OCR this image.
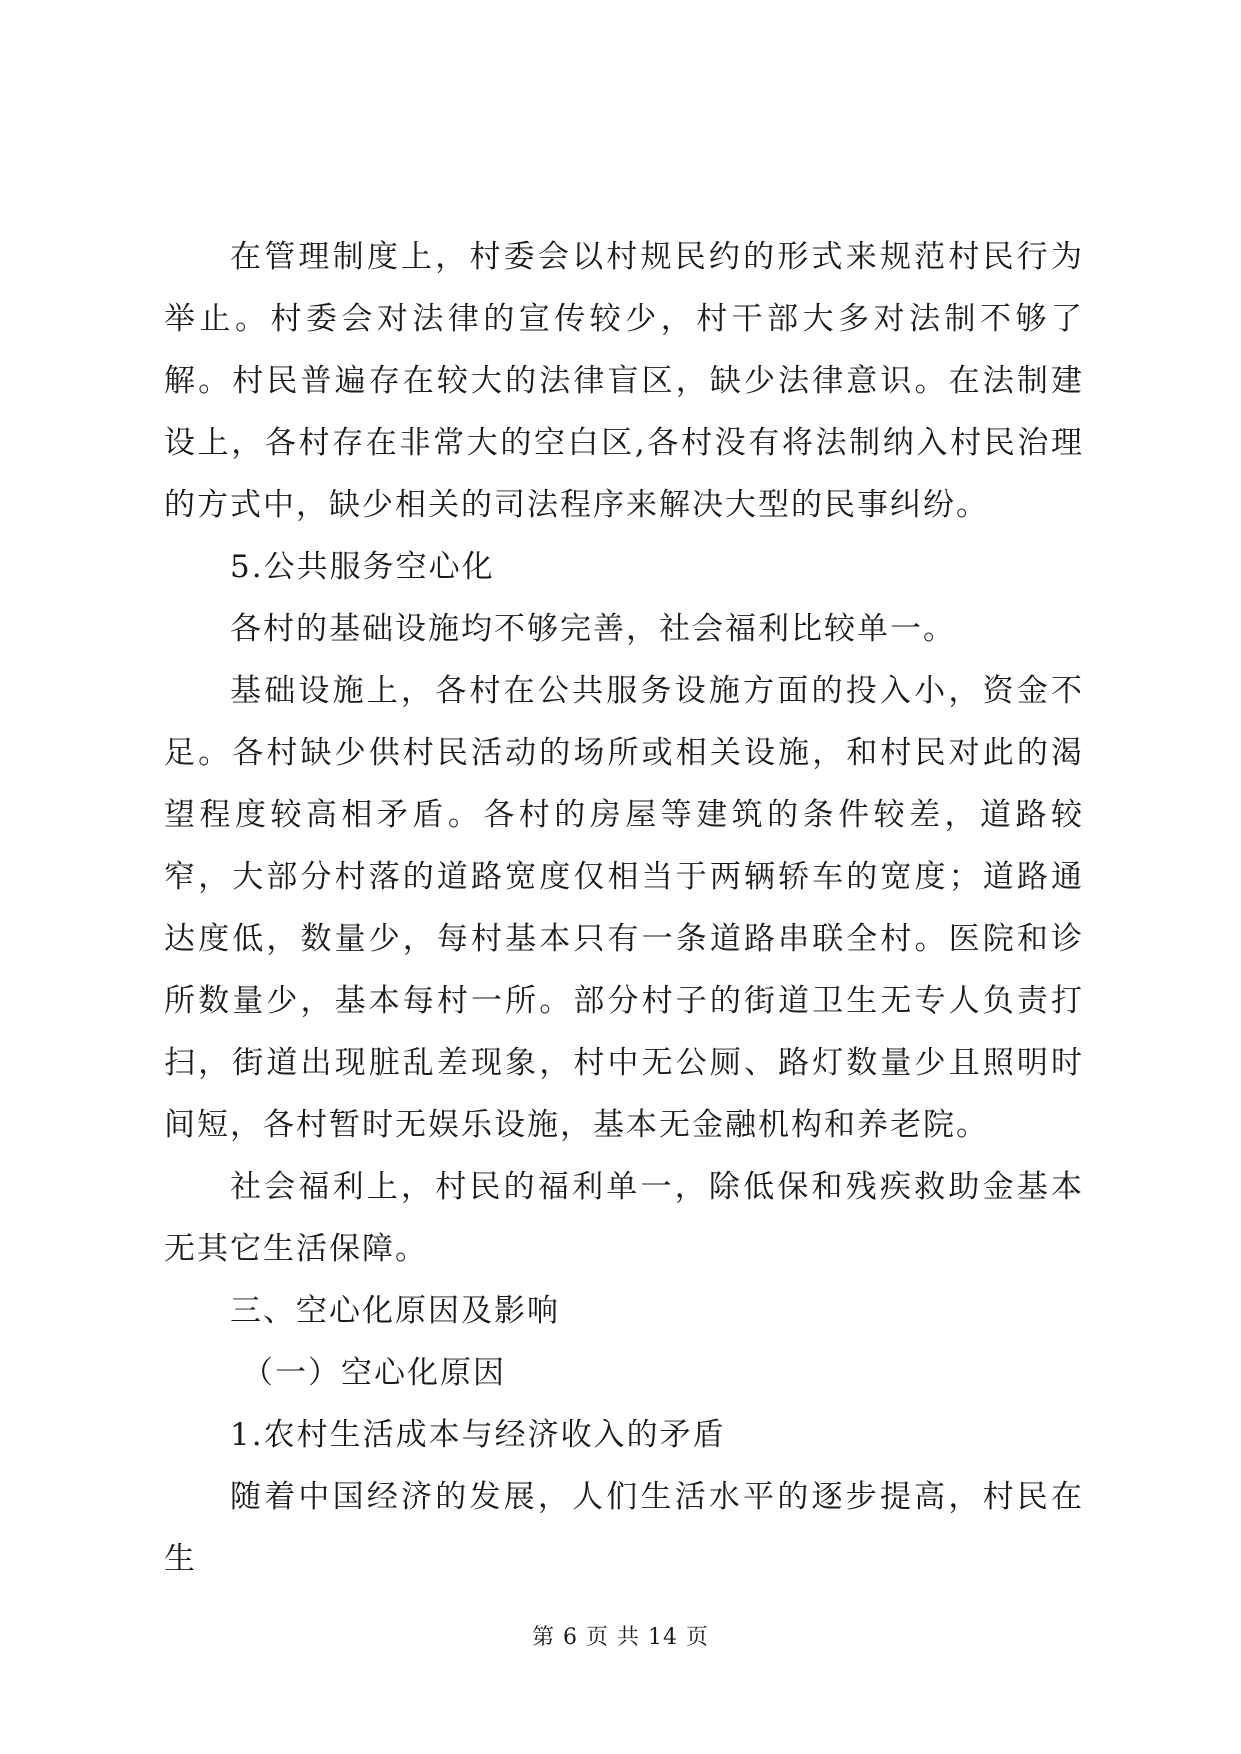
在管理制度上，村委会以村规民约的形式来规范村民行为举止。村委会对法律的宣传较少，村干部大多对法制不够了解。村民普遍存在较大的法律盲区，缺少法律意识。在法制建设上，各村存在非常大的空白区,各村没有将法制纳入村民治理的方式中，缺少相关的司法程序来解决大型的民事纠纷。

5.公共服务空心化

各村的基础设施均不够完善，社会福利比较单一。

基础设施上，各村在公共服务设施方面的投入小，资金不足。各村缺少供村民活动的场所或相关设施，和村民对此的渴望程度较高相矛盾。各村的房屋等建筑的条件较差，道路较窄，大部分村落的道路宽度仅相当于两辆轿车的宽度；道路通达度低，数量少，每村基本只有一条道路串联全村。医院和诊所数量少，基本每村一所。部分村子的街道卫生无专人负责打扫，街道出现脏乱差现象，村中无公厕、路灯数量少且照明时间短，各村暂时无娱乐设施，基本无金融机构和养老院。

社会福利上，村民的福利单一，除低保和残疾救助金基本无其它生活保障。

三、空心化原因及影响

（一）空心化原因

1.农村生活成本与经济收入的矛盾

随着中国经济的发展，人们生活水平的逐步提高，村民在生

第 6 页 共 14 页
